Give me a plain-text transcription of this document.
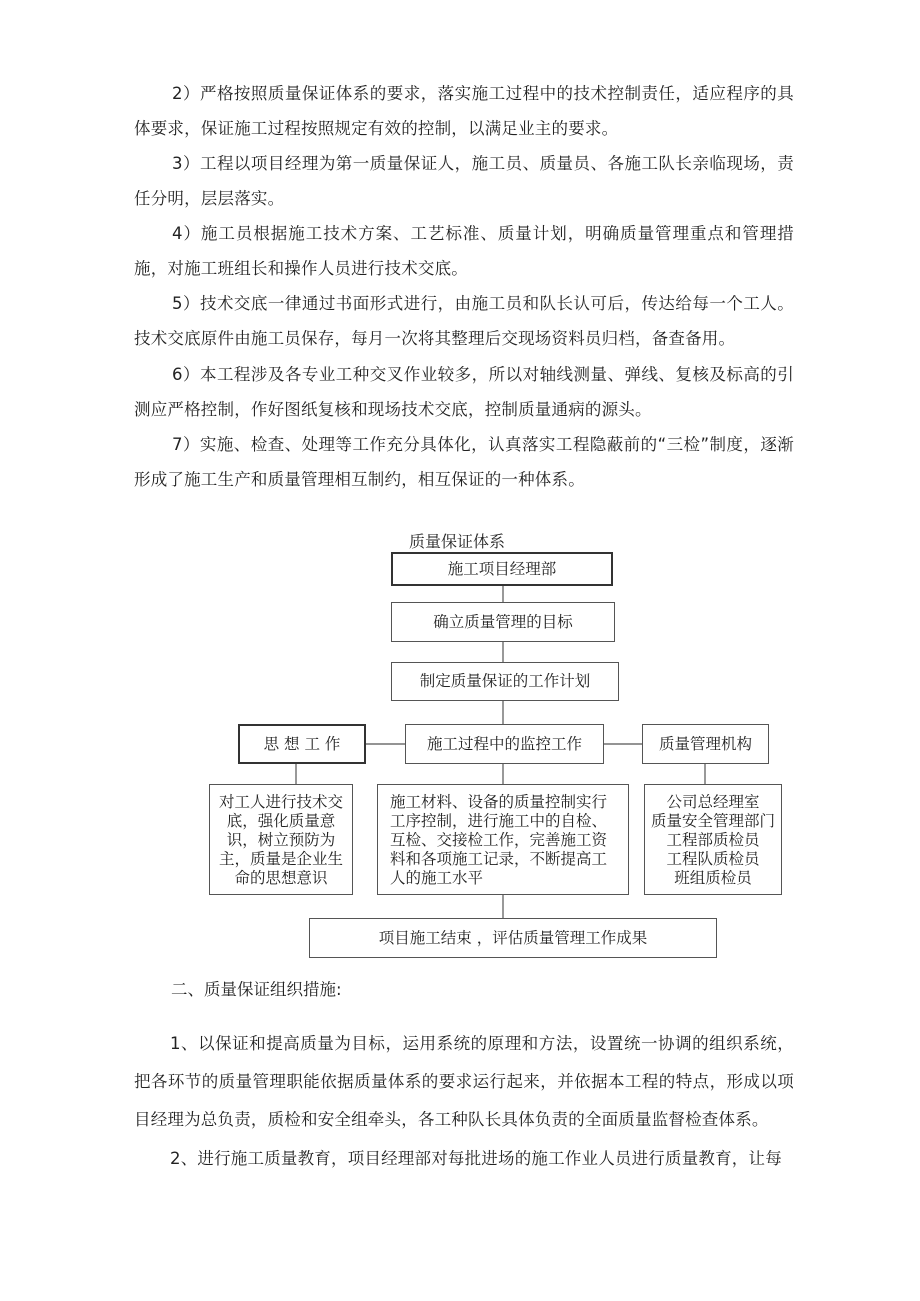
2）严格按照质量保证体系的要求，落实施工过程中的技术控制责任，适应程序的具体要求，保证施工过程按照规定有效的控制，以满足业主的要求。

3）工程以项目经理为第一质量保证人，施工员、质量员、各施工队长亲临现场，责任分明，层层落实。

4）施工员根据施工技术方案、工艺标准、质量计划，明确质量管理重点和管理措施，对施工班组长和操作人员进行技术交底。

5）技术交底一律通过书面形式进行，由施工员和队长认可后，传达给每一个工人。技术交底原件由施工员保存，每月一次将其整理后交现场资料员归档，备查备用。

6）本工程涉及各专业工种交叉作业较多，所以对轴线测量、弹线、复核及标高的引测应严格控制，作好图纸复核和现场技术交底，控制质量通病的源头。

7）实施、检查、处理等工作充分具体化，认真落实工程隐蔽前的“三检”制度，逐渐形成了施工生产和质量管理相互制约，相互保证的一种体系。

质量保证体系
施工项目经理部
确立质量管理的目标
制定质量保证的工作计划
思 想 工 作	施工过程中的监控工作	质量管理机构
对工人进行技术交底，强化质量意识，树立预防为主，质量是企业生命的思想意识
施工材料、设备的质量控制实行工序控制，进行施工中的自检、互检、交接检工作，完善施工资料和各项施工记录，不断提高工人的施工水平
公司总经理室
质量安全管理部门
工程部质检员
工程队质检员
班组质检员
项目施工结束 ，评估质量管理工作成果

二、质量保证组织措施:

1、以保证和提高质量为目标，运用系统的原理和方法，设置统一协调的组织系统，把各环节的质量管理职能依据质量体系的要求运行起来，并依据本工程的特点，形成以项目经理为总负责，质检和安全组牵头，各工种队长具体负责的全面质量监督检查体系。

2、进行施工质量教育，项目经理部对每批进场的施工作业人员进行质量教育，让每
